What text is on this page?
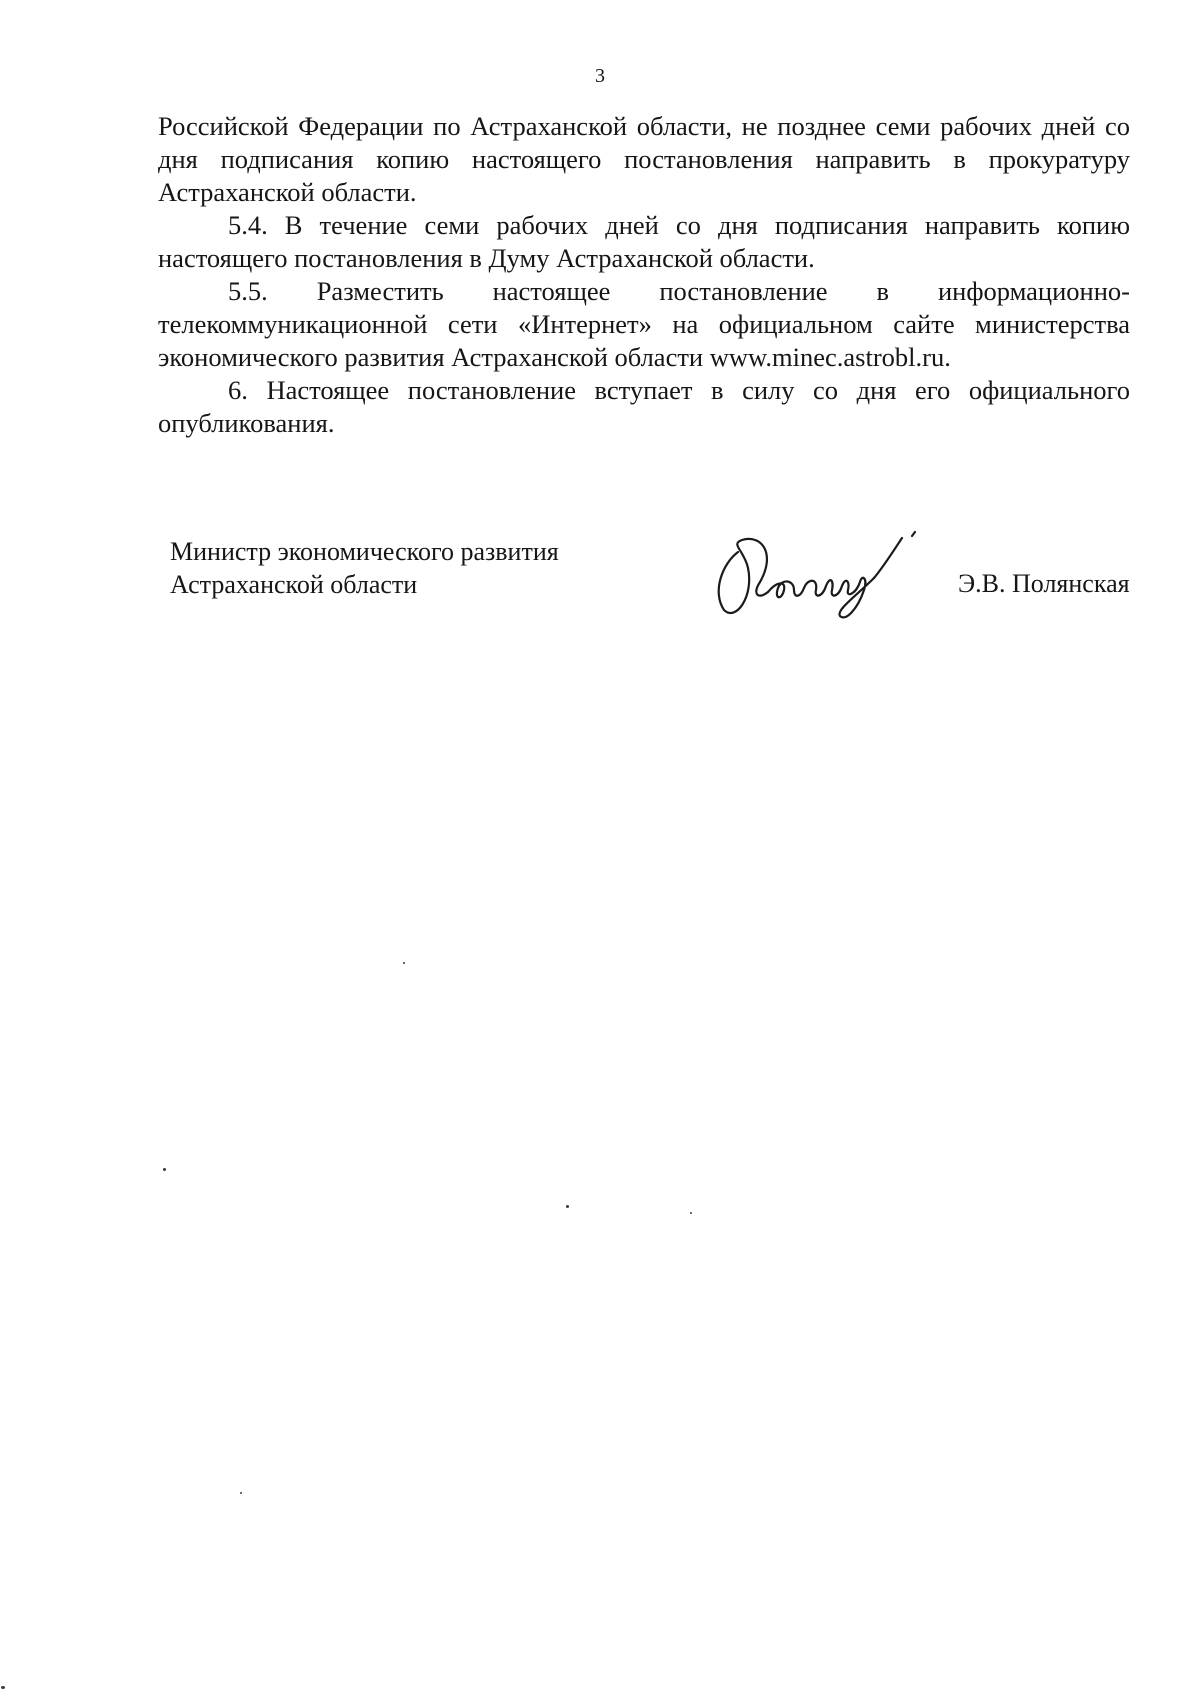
3

Российской Федерации по Астраханской области, не позднее семи рабочих дней со дня подписания копию настоящего постановления направить в прокуратуру Астраханской области.

5.4. В течение семи рабочих дней со дня подписания направить копию настоящего постановления в Думу Астраханской области.

5.5. Разместить настоящее постановление в информационно-телекоммуникационной сети «Интернет» на официальном сайте министерства экономического развития Астраханской области www.minec.astrobl.ru.

6. Настоящее постановление вступает в силу со дня его официального опубликования.

Министр экономического развития
Астраханской области	Э.В. Полянская
